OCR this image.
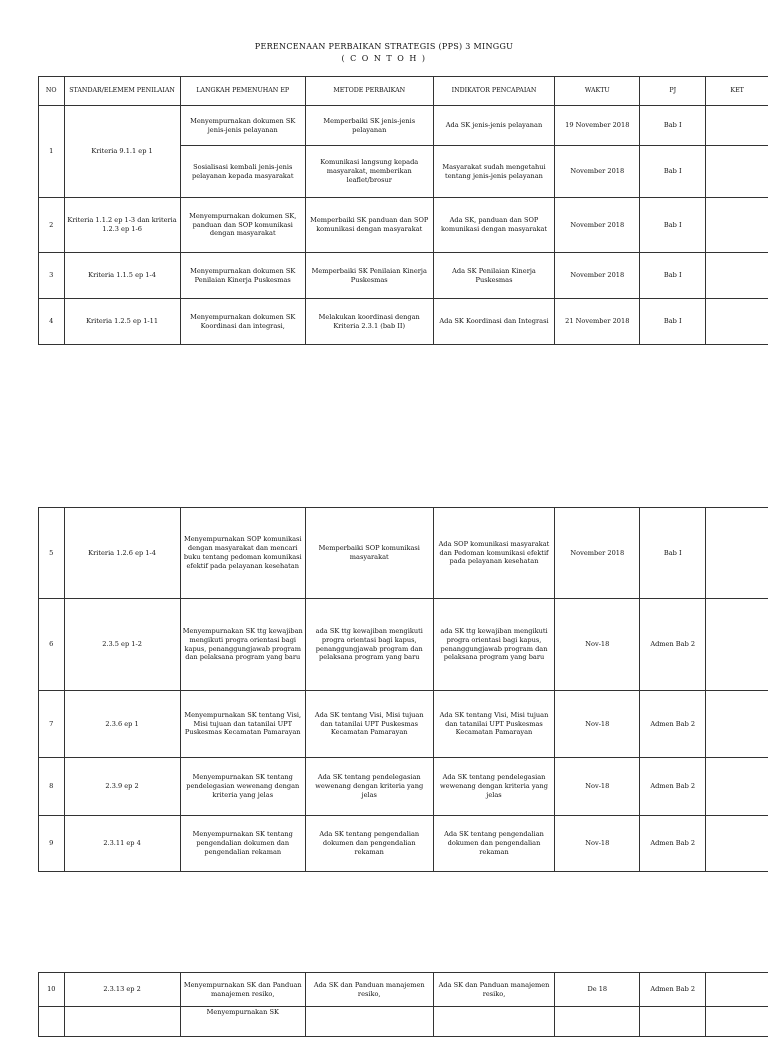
PERENCENAAN PERBAIKAN STRATEGIS (PPS) 3 MINGGU
( C O N T O H )
NO	STANDAR/ELEMEM PENILAIAN	LANGKAH PEMENUHAN EP	METODE PERBAIKAN	INDIKATOR PENCAPAIAN	WAKTU	PJ	KET
1	Kriteria 9.1.1 ep 1	Menyempurnakan dokumen SK jenis-jenis pelayanan	Memperbaiki SK jenis-jenis pelayanan	Ada SK jenis-jenis pelayanan	19 November 2018	Bab I	
		Sosialisasi kembali jenis-jenis pelayanan kepada masyarakat	Komunikasi langsung kepada masyarakat, memberikan leaflet/brosur	Masyarakat sudah mengetahui tentang jenis-jenis pelayanan	November 2018	Bab I	
2	Kriteria 1.1.2 ep 1-3 dan kriteria 1.2.3 ep 1-6	Menyempurnakan dokumen SK, panduan dan SOP komunikasi dengan masyarakat	Memperbaiki SK panduan dan SOP komunikasi dengan masyarakat	Ada SK, panduan dan SOP komunikasi dengan masyarakat	November 2018	Bab I	
3	Kriteria 1.1.5 ep 1-4	Menyempurnakan dokumen SK Penilaian Kinerja Puskesmas	Memperbaiki SK Penilaian Kinerja Puskesmas	Ada SK Penilaian Kinerja Puskesmas	November 2018	Bab I	
4	Kriteria 1.2.5 ep 1-11	Menyempurnakan dokumen SK Koordinasi dan integrasi,	Melakukan koordinasi dengan Kriteria 2.3.1 (bab II)	Ada SK Koordinasi dan Integrasi	21 November 2018	Bab I	
5	Kriteria 1.2.6 ep 1-4	Menyempurnakan SOP komunikasi dengan masyarakat dan mencari buku tentang pedoman komunikasi efektif pada pelayanan kesehatan	Memperbaiki SOP komunikasi masyarakat	Ada SOP komunikasi masyarakat dan Pedoman komunikasi efektif pada pelayanan kesehatan	November 2018	Bab I	
6	2.3.5 ep 1-2	Menyempurnakan SK ttg kewajiban mengikuti progra orientasi bagi kapus, penanggungjawab program dan pelaksana program yang baru	ada SK ttg kewajiban mengikuti progra orientasi bagi kapus, penanggungjawab program dan pelaksana program yang baru	ada SK ttg kewajiban mengikuti progra orientasi bagi kapus, penanggungjawab program dan pelaksana program yang baru	Nov-18	Admen Bab 2	
7	2.3.6 ep 1	Menyempurnakan SK tentang Visi, Misi tujuan dan tatanilai UPT Puskesmas Kecamatan Pamarayan	Ada SK tentang Visi, Misi tujuan dan tatanilai UPT Puskesmas Kecamatan Pamarayan	Ada SK tentang Visi, Misi tujuan dan tatanilai UPT Puskesmas Kecamatan Pamarayan	Nov-18	Admen Bab 2	
8	2.3.9 ep 2	Menyempurnakan SK tentang pendelegasian wewenang dengan kriteria yang jelas	Ada SK tentang pendelegasian wewenang dengan kriteria yang jelas	Ada SK tentang pendelegasian wewenang dengan kriteria yang jelas	Nov-18	Admen Bab 2	
9	2.3.11 ep 4	Menyempurnakan SK tentang pengendalian dokumen dan pengendalian rekaman	Ada SK tentang pengendalian dokumen dan pengendalian rekaman	Ada SK tentang pengendalian dokumen dan pengendalian rekaman	Nov-18	Admen Bab 2	
10	2.3.13 ep 2	Menyempurnakan SK dan Panduan manajemen resiko,	Ada SK dan Panduan manajemen resiko,	Ada SK dan Panduan manajemen resiko,	De 18	Admen Bab 2	
		Menyempurnakan SK					
